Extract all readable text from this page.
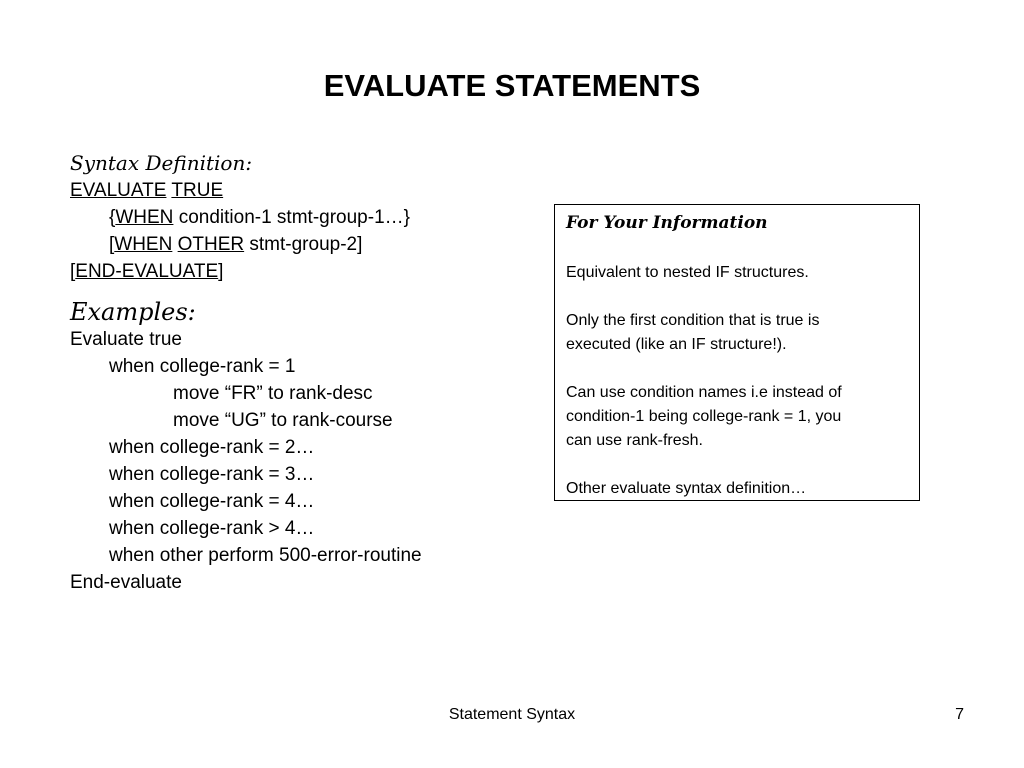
EVALUATE STATEMENTS
Syntax Definition:
EVALUATE TRUE
{WHEN condition-1 stmt-group-1…}
[WHEN OTHER stmt-group-2]
[END-EVALUATE]
Examples:
Evaluate true
when college-rank = 1
move “FR” to rank-desc
move “UG” to rank-course
when college-rank = 2…
when college-rank = 3…
when college-rank = 4…
when college-rank > 4…
when other perform 500-error-routine
End-evaluate
For Your Information

Equivalent to nested IF structures.

Only the first condition that is true is

executed (like an IF structure!).

Can use condition names i.e instead of

condition-1 being college-rank = 1, you

can use rank-fresh.

Other evaluate syntax definition…

Statement Syntax	7
